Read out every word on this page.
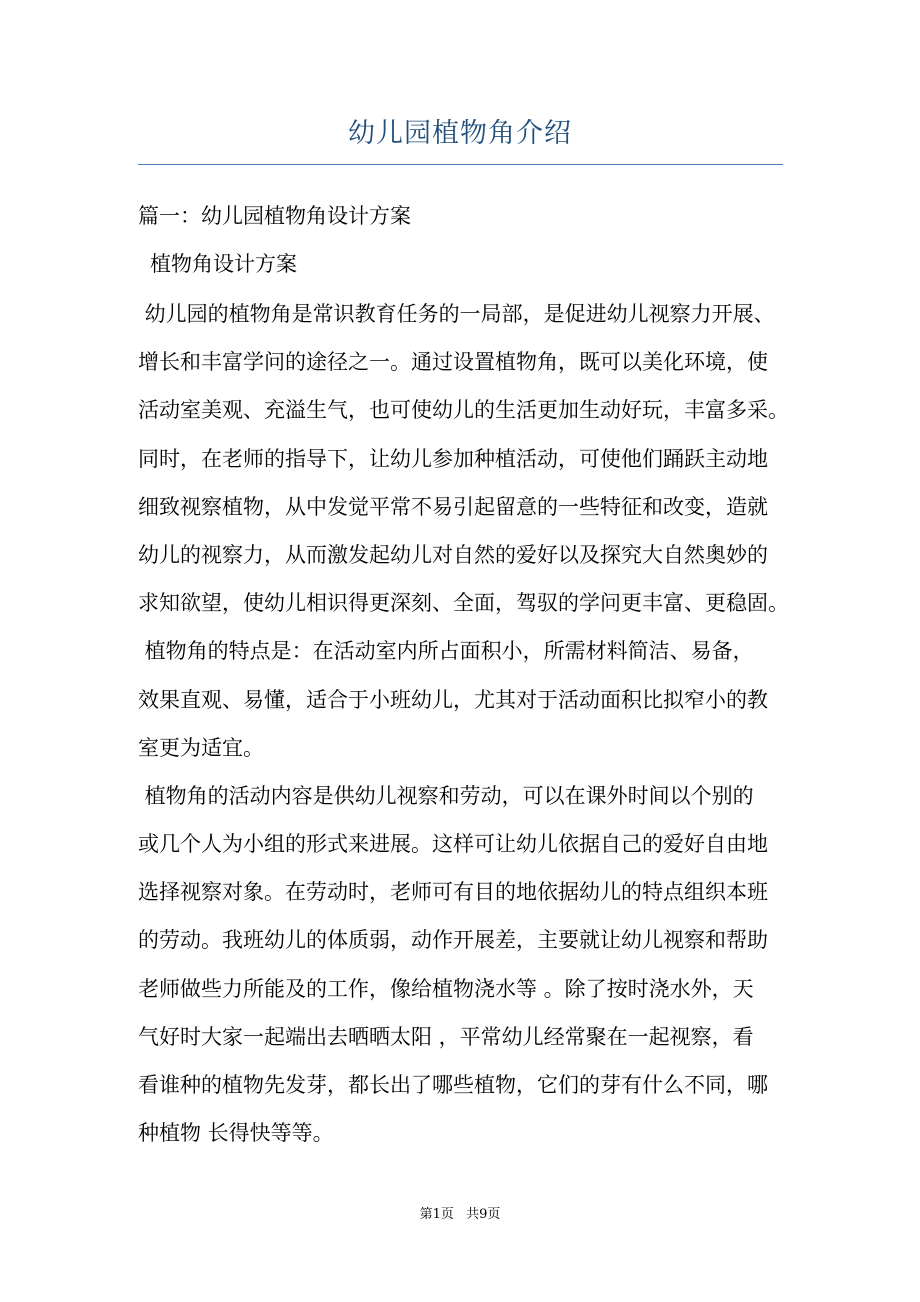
幼儿园植物角介绍
篇一：幼儿园植物角设计方案
植物角设计方案
幼儿园的植物角是常识教育任务的一局部，是促进幼儿视察力开展、
增长和丰富学问的途径之一。通过设置植物角，既可以美化环境，使
活动室美观、充溢生气，也可使幼儿的生活更加生动好玩，丰富多采。
同时，在老师的指导下，让幼儿参加种植活动，可使他们踊跃主动地
细致视察植物，从中发觉平常不易引起留意的一些特征和改变，造就
幼儿的视察力，从而激发起幼儿对自然的爱好以及探究大自然奥妙的
求知欲望，使幼儿相识得更深刻、全面，驾驭的学问更丰富、更稳固。
植物角的特点是：在活动室内所占面积小，所需材料简洁、易备，
效果直观、易懂，适合于小班幼儿，尤其对于活动面积比拟窄小的教
室更为适宜。
植物角的活动内容是供幼儿视察和劳动，可以在课外时间以个别的
或几个人为小组的形式来进展。这样可让幼儿依据自己的爱好自由地
选择视察对象。在劳动时，老师可有目的地依据幼儿的特点组织本班
的劳动。我班幼儿的体质弱，动作开展差，主要就让幼儿视察和帮助
老师做些力所能及的工作，像给植物浇水等 。除了按时浇水外，天
气好时大家一起端出去晒晒太阳 ，平常幼儿经常聚在一起视察，看
看谁种的植物先发芽，都长出了哪些植物，它们的芽有什么不同，哪
种植物 长得快等等。
第1页 共9页
